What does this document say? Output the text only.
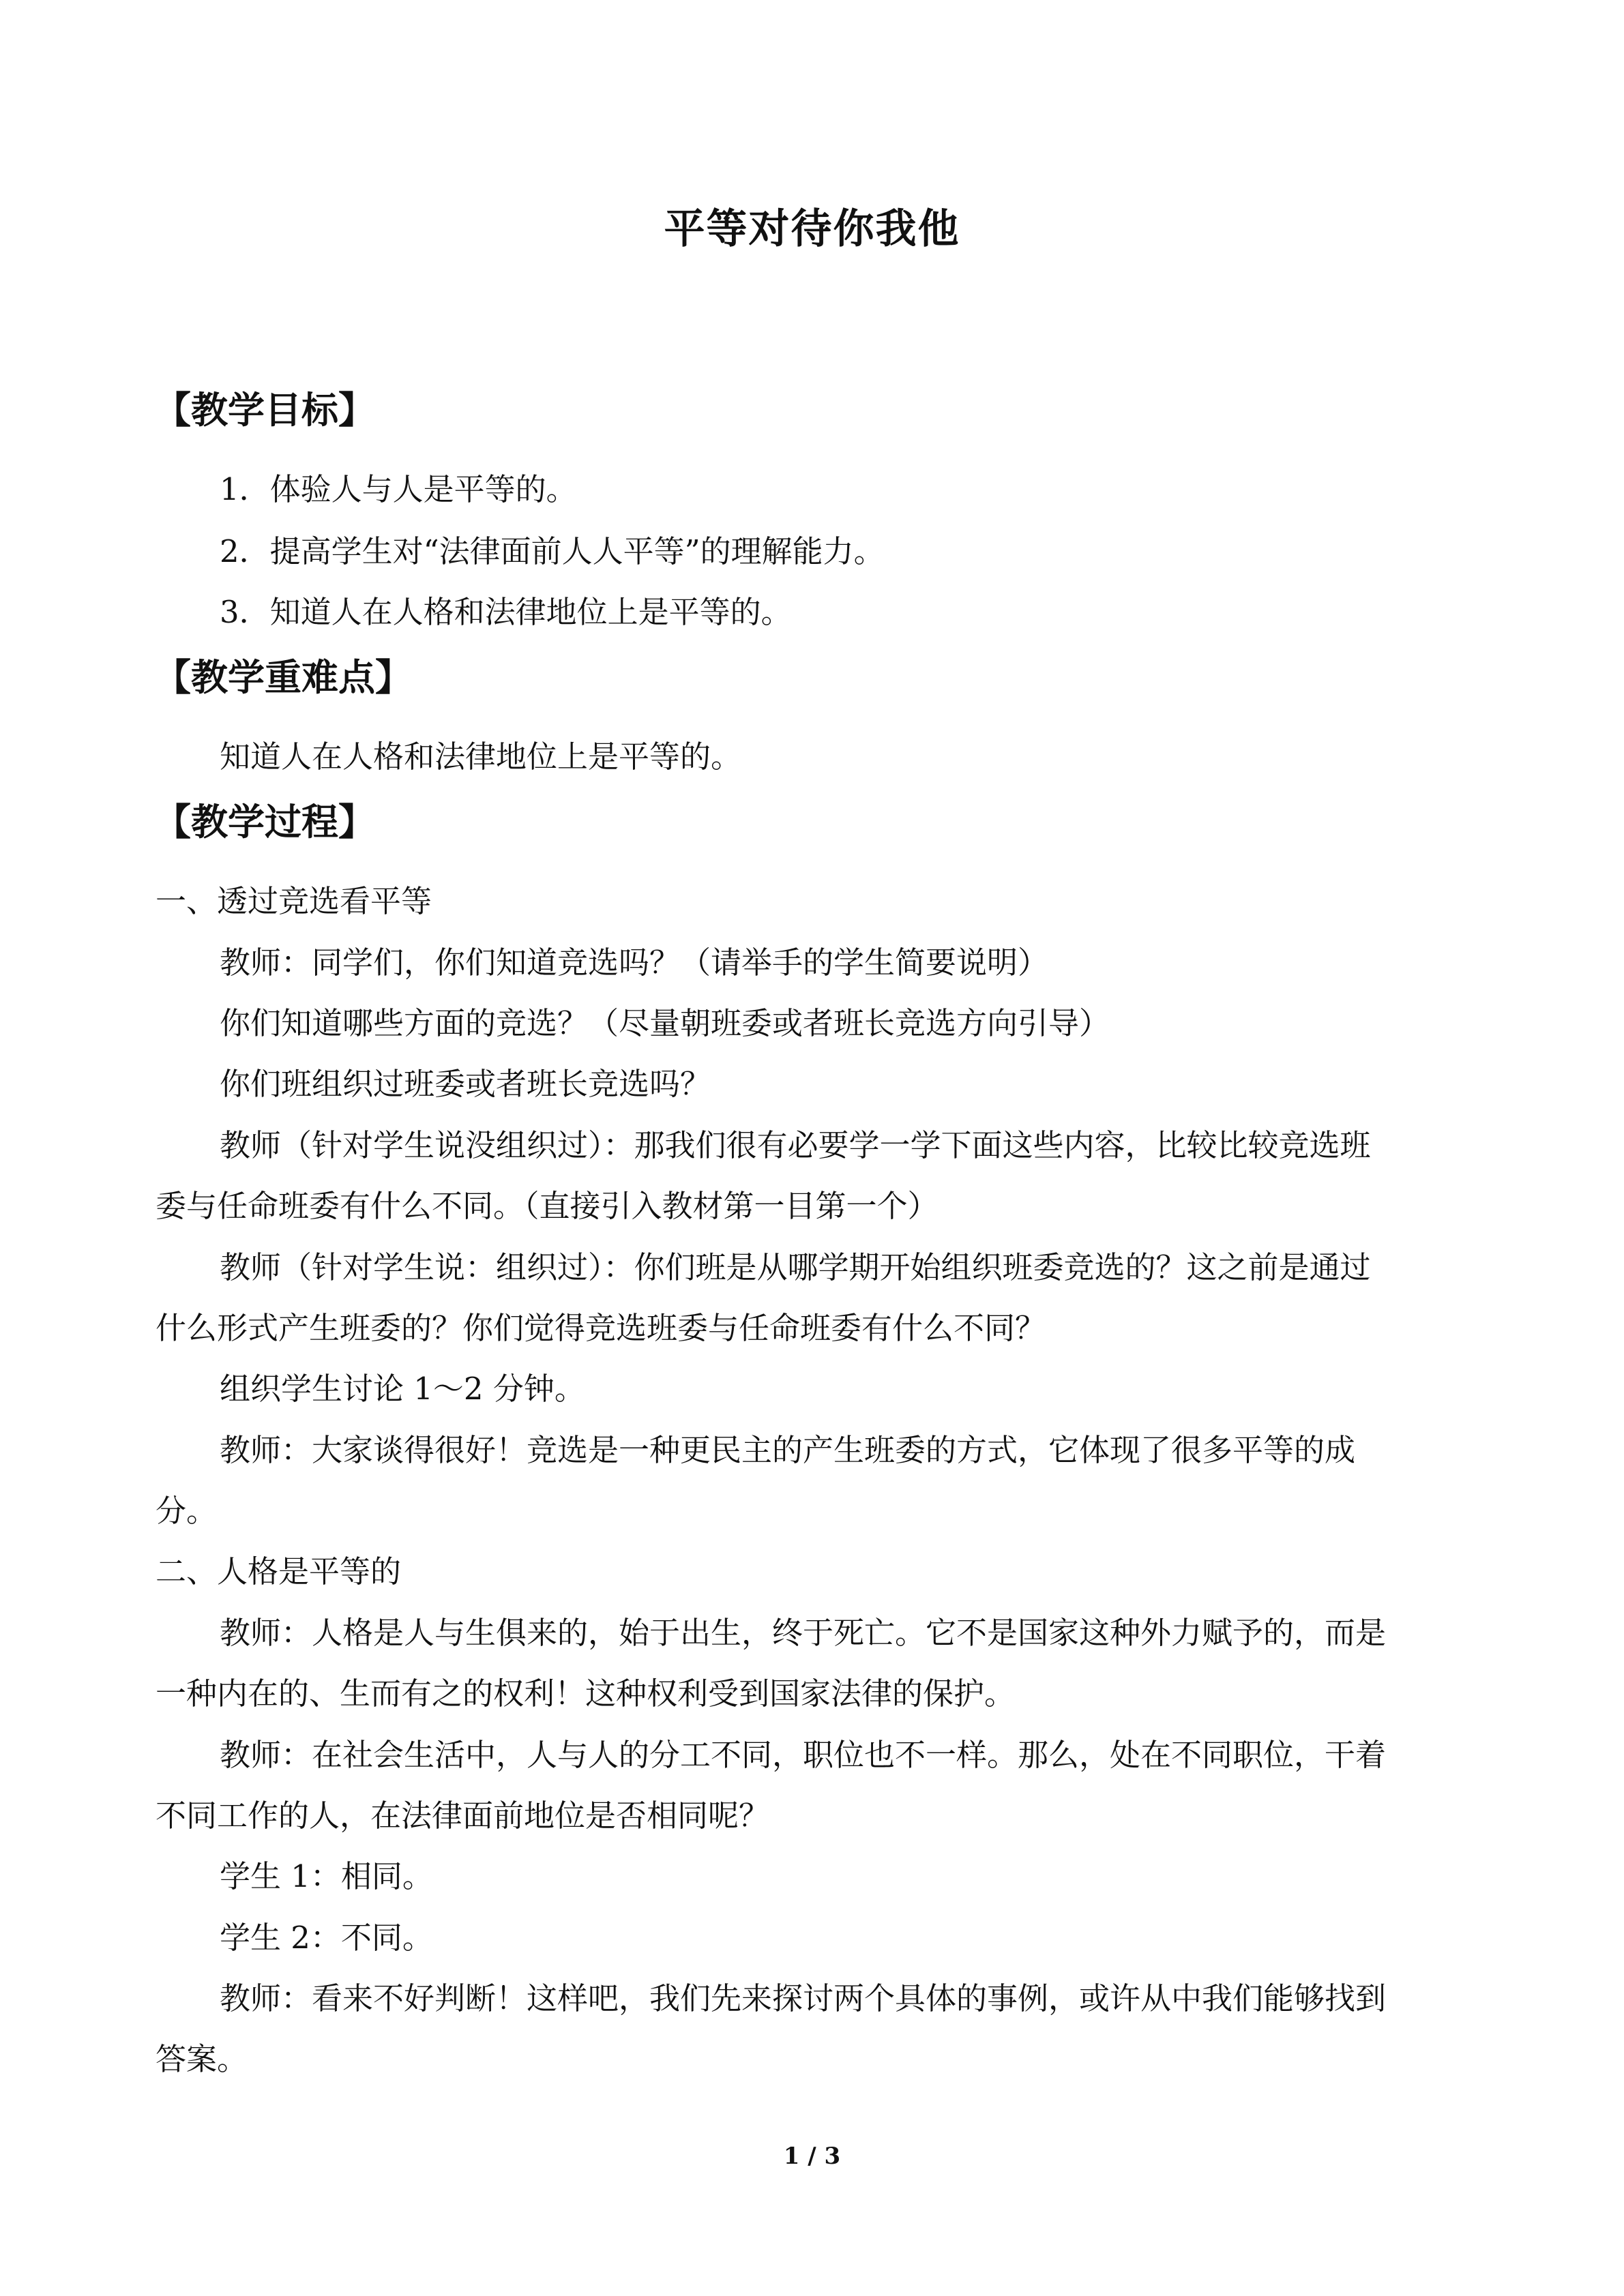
平等对待你我他
【教学目标】
1．体验人与人是平等的。
2．提高学生对“法律面前人人平等”的理解能力。
3．知道人在人格和法律地位上是平等的。
【教学重难点】
知道人在人格和法律地位上是平等的。
【教学过程】
一、透过竞选看平等
教师：同学们，你们知道竞选吗？（请举手的学生简要说明）
你们知道哪些方面的竞选？（尽量朝班委或者班长竞选方向引导）
你们班组织过班委或者班长竞选吗？
教师（针对学生说没组织过）：那我们很有必要学一学下面这些内容，比较比较竞选班
委与任命班委有什么不同。（直接引入教材第一目第一个）
教师（针对学生说：组织过）：你们班是从哪学期开始组织班委竞选的？这之前是通过
什么形式产生班委的？你们觉得竞选班委与任命班委有什么不同？
组织学生讨论 1～2 分钟。
教师：大家谈得很好！竞选是一种更民主的产生班委的方式，它体现了很多平等的成
分。
二、人格是平等的
教师：人格是人与生俱来的，始于出生，终于死亡。它不是国家这种外力赋予的，而是
一种内在的、生而有之的权利！这种权利受到国家法律的保护。
教师：在社会生活中，人与人的分工不同，职位也不一样。那么，处在不同职位，干着
不同工作的人，在法律面前地位是否相同呢？
学生 1：相同。
学生 2：不同。
教师：看来不好判断！这样吧，我们先来探讨两个具体的事例，或许从中我们能够找到
答案。
1 / 3
